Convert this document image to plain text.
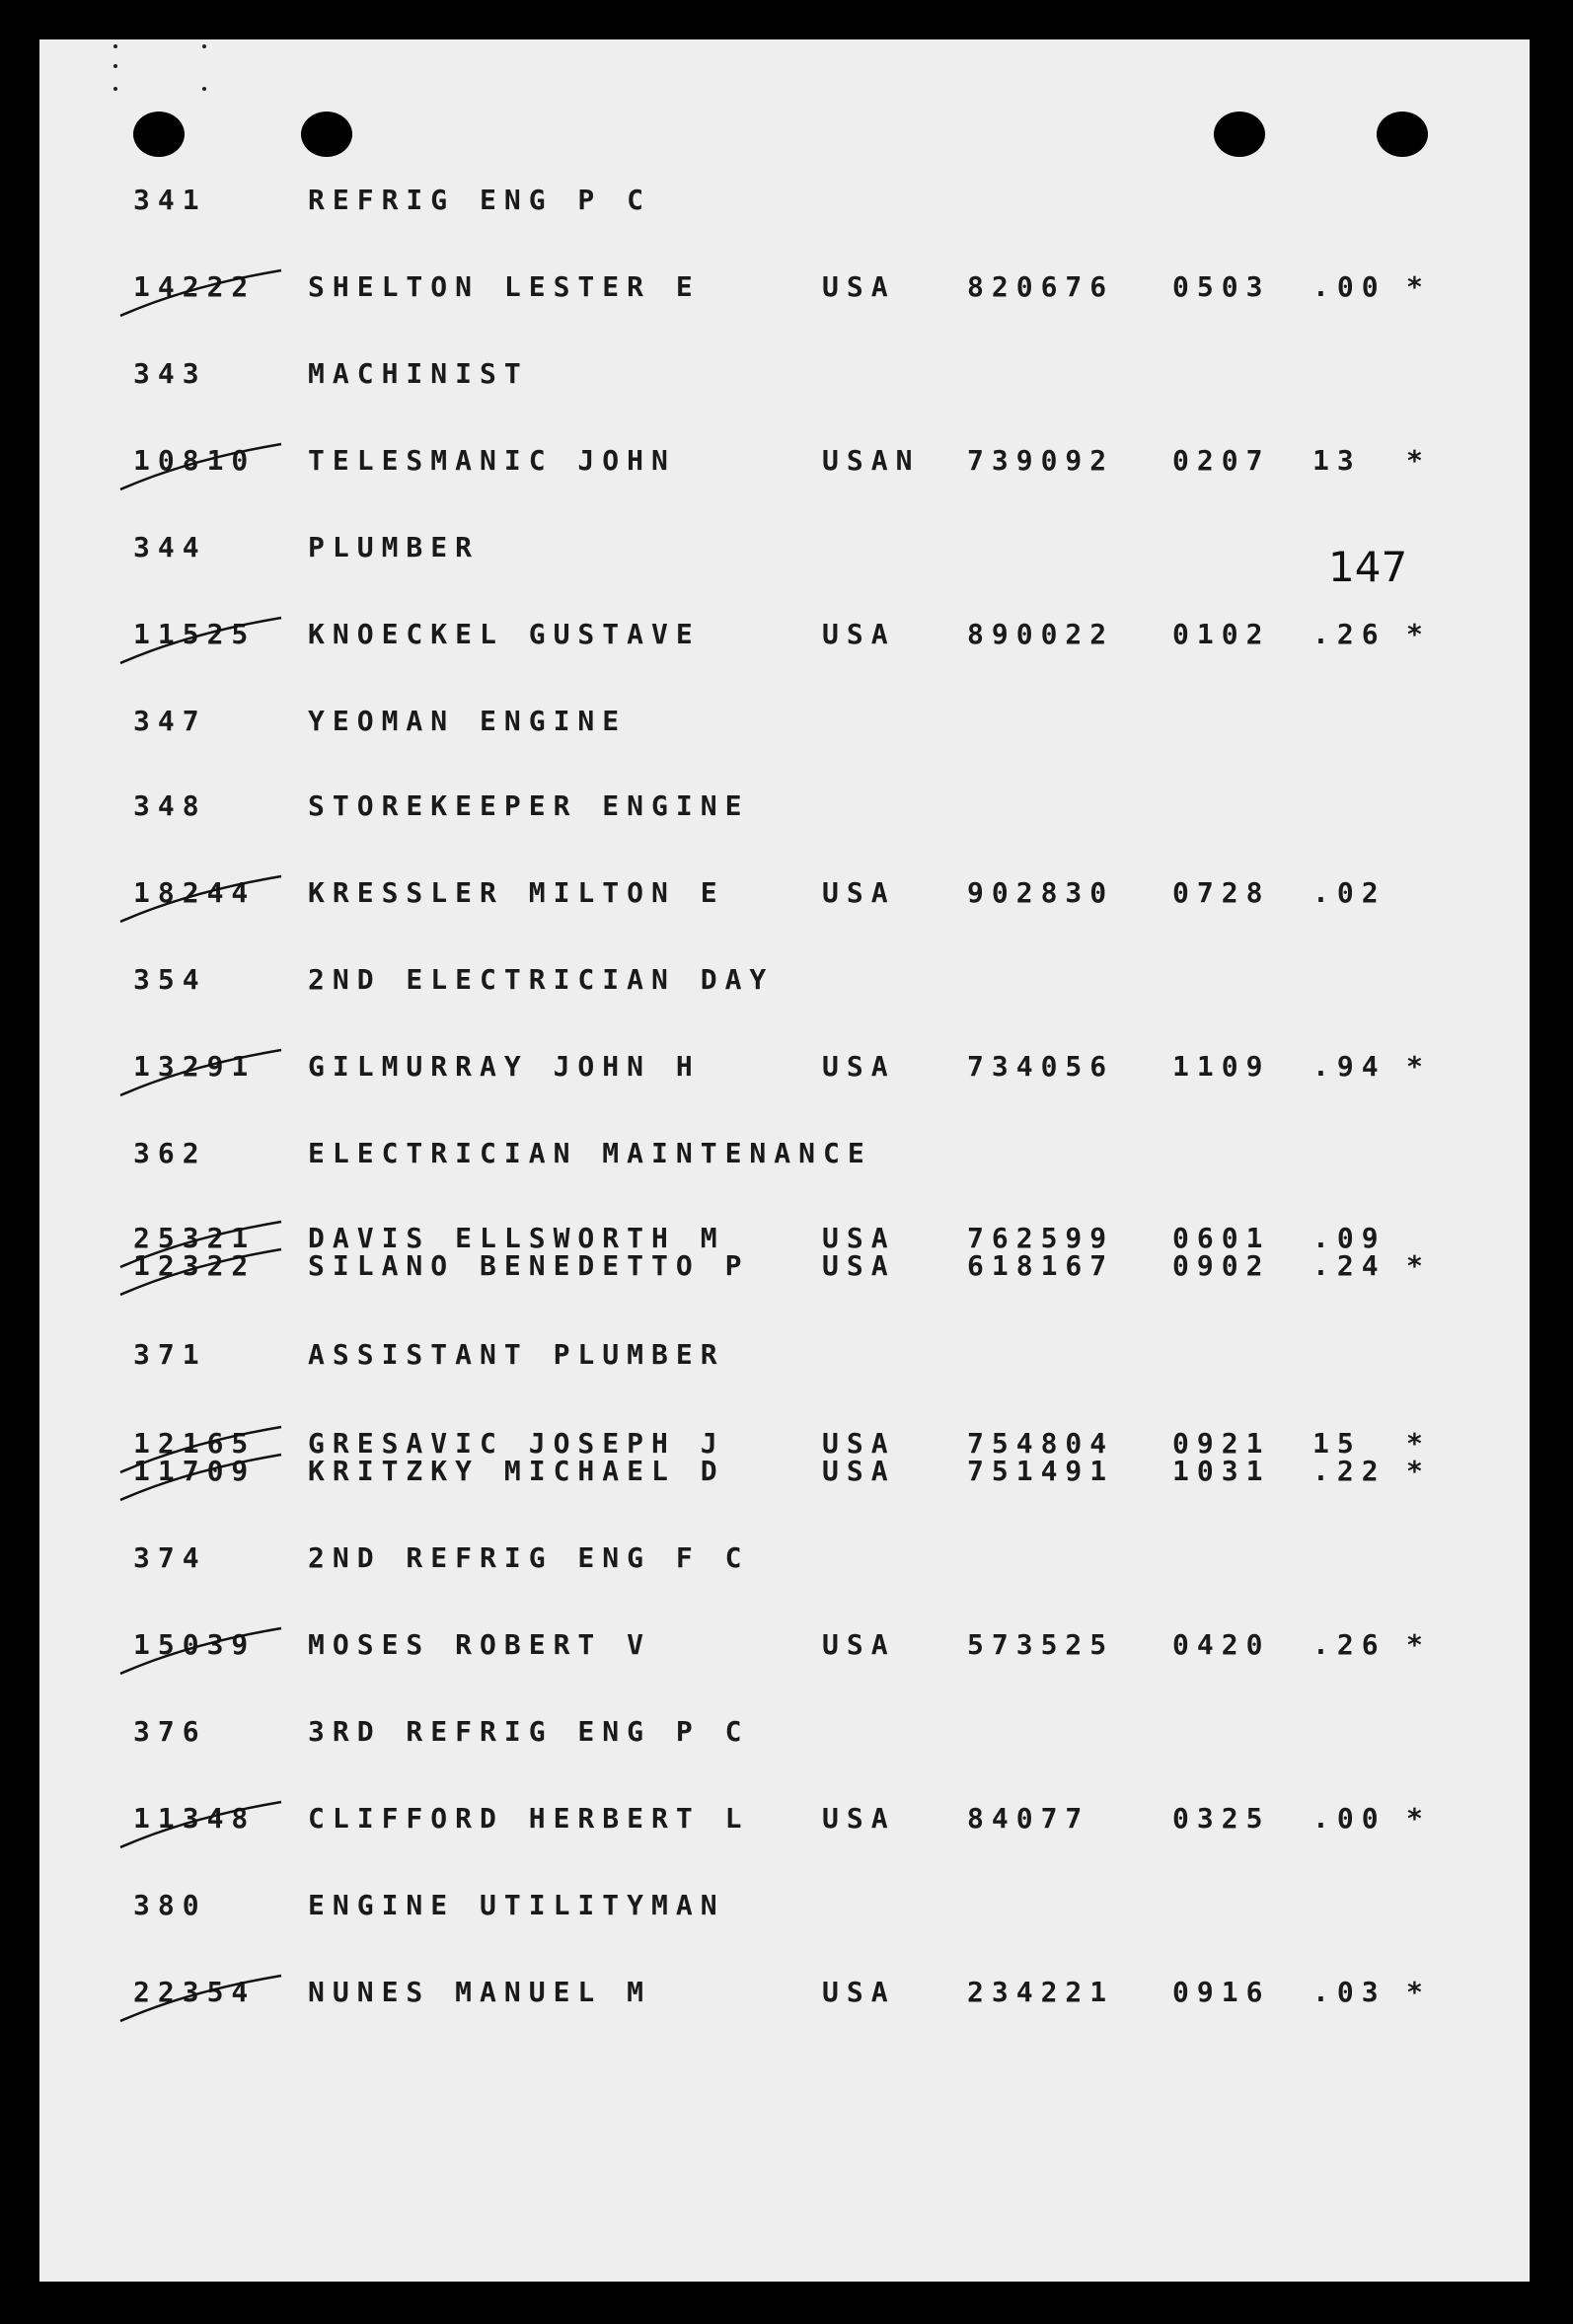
147
341	REFRIG ENG P C
14222 SHELTON LESTER E	USA	820676 0503 .00 *
343	MACHINIST
10810 TELESMANIC JOHN	USAN 739092 0207 13 *
344	PLUMBER
11525 KNOECKEL GUSTAVE	USA	890022 0102 .26 *
347	YEOMAN ENGINE
348	STOREKEEPER ENGINE
18244 KRESSLER MILTON E	USA	902830 0728 .02
354	2ND ELECTRICIAN DAY
13291 GILMURRAY JOHN H	USA	734056 1109 .94 *
362	ELECTRICIAN MAINTENANCE
25321 DAVIS ELLSWORTH M	USA	762599 0601 .09
12322 SILANO BENEDETTO P	USA	618167 0902 .24 *
371	ASSISTANT PLUMBER
12165 GRESAVIC JOSEPH J	USA	754804 0921 15 *
11709 KRITZKY MICHAEL D	USA	751491 1031 .22 *
374	2ND REFRIG ENG F C
15039 MOSES ROBERT V	USA	573525 0420 .26 *
376	3RD REFRIG ENG P C
11348 CLIFFORD HERBERT L	USA	84077	0325 .00 *
380	ENGINE UTILITYMAN
22354 NUNES MANUEL M	USA	234221 0916 .03 *
